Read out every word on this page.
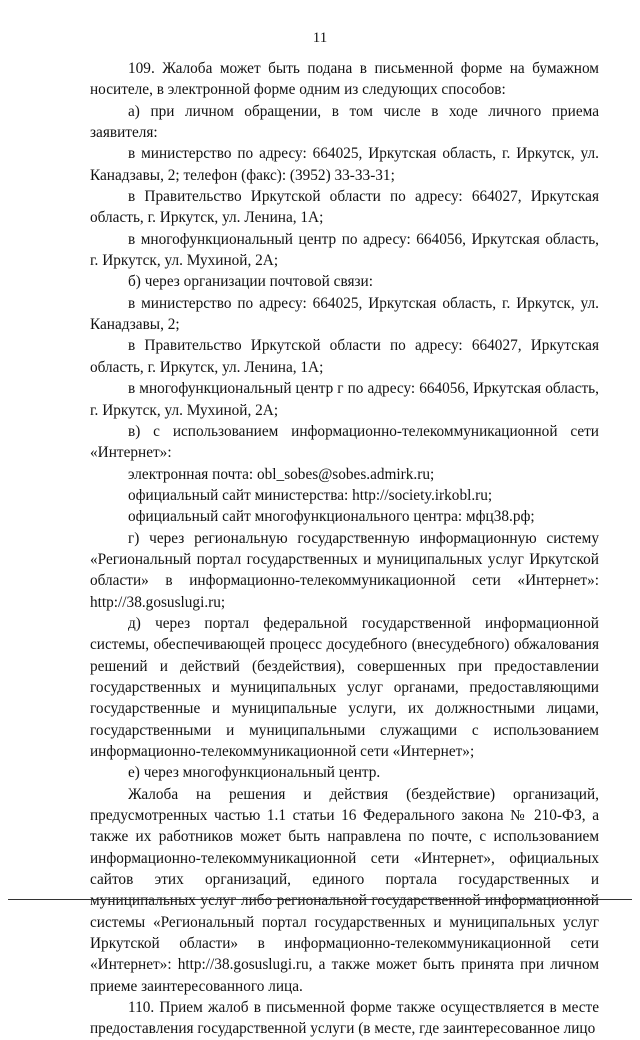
11

109. Жалоба может быть подана в письменной форме на бумажном носителе, в электронной форме одним из следующих способов:

а) при личном обращении, в том числе в ходе личного приема заявителя:

в министерство по адресу: 664025, Иркутская область, г. Иркутск, ул. Канадзавы, 2; телефон (факс): (3952) 33-33-31;

в Правительство Иркутской области по адресу: 664027, Иркутская область, г. Иркутск, ул. Ленина, 1А;

в многофункциональный центр по адресу: 664056, Иркутская область, г. Иркутск, ул. Мухиной, 2А;

б) через организации почтовой связи:

в министерство по адресу: 664025, Иркутская область, г. Иркутск, ул. Канадзавы, 2;

в Правительство Иркутской области по адресу: 664027, Иркутская область, г. Иркутск, ул. Ленина, 1А;

в многофункциональный центр г по адресу: 664056, Иркутская область, г. Иркутск, ул. Мухиной, 2А;

в) с использованием информационно-телекоммуникационной сети «Интернет»:

электронная почта: obl_sobes@sobes.admirk.ru;

официальный сайт министерства: http://society.irkobl.ru;

официальный сайт многофункционального центра: мфц38.рф;

г) через региональную государственную информационную систему «Региональный портал государственных и муниципальных услуг Иркутской области» в информационно-телекоммуникационной сети «Интернет»: http://38.gosuslugi.ru;

д) через портал федеральной государственной информационной системы, обеспечивающей процесс досудебного (внесудебного) обжалования решений и действий (бездействия), совершенных при предоставлении государственных и муниципальных услуг органами, предоставляющими государственные и муниципальные услуги, их должностными лицами, государственными и муниципальными служащими с использованием информационно-телекоммуникационной сети «Интернет»;

е) через многофункциональный центр.

Жалоба на решения и действия (бездействие) организаций, предусмотренных частью 1.1 статьи 16 Федерального закона № 210-ФЗ, а также их работников может быть направлена по почте, с использованием информационно-телекоммуникационной сети «Интернет», официальных сайтов этих организаций, единого портала государственных и муниципальных услуг либо региональной государственной информационной системы «Региональный портал государственных и муниципальных услуг Иркутской области» в информационно-телекоммуникационной сети «Интернет»: http://38.gosuslugi.ru, а также может быть принята при личном приеме заинтересованного лица.

110. Прием жалоб в письменной форме также осуществляется в месте предоставления государственной услуги (в месте, где заинтересованное лицо
